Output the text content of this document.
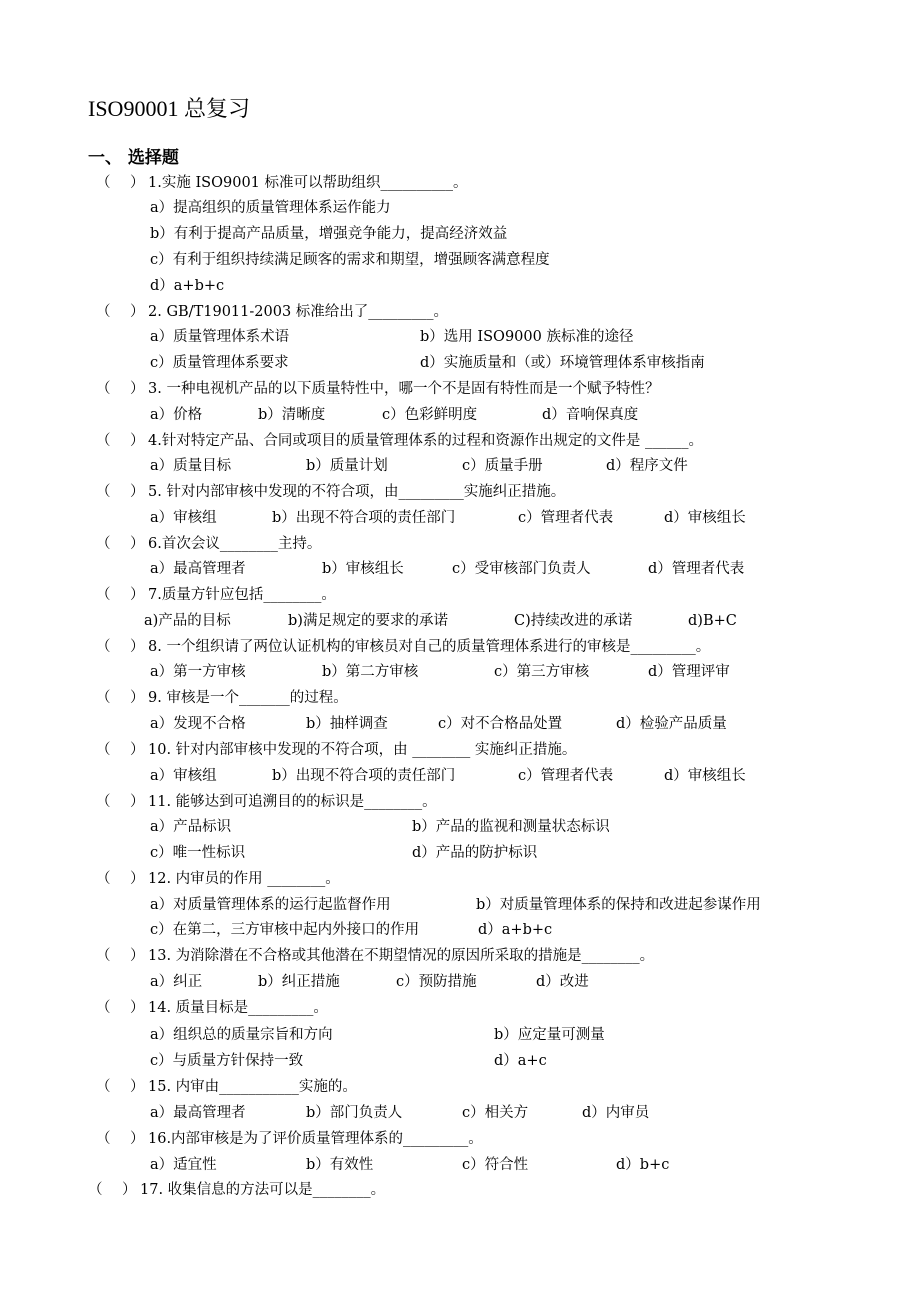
ISO90001 总复习
一、 选择题
（ ） 1.实施 ISO9001 标准可以帮助组织__________。
a）提高组织的质量管理体系运作能力
b）有利于提高产品质量，增强竞争能力，提高经济效益
c）有利于组织持续满足顾客的需求和期望，增强顾客满意程度
d）a+b+c
（ ） 2. GB/T19011-2003 标准给出了_________。
a）质量管理体系术语	b）选用 ISO9000 族标准的途径
c）质量管理体系要求	d）实施质量和（或）环境管理体系审核指南
（ ） 3. 一种电视机产品的以下质量特性中，哪一个不是固有特性而是一个赋予特性？
a）价格	b）清晰度	c）色彩鲜明度	d）音响保真度
（ ） 4.针对特定产品、合同或项目的质量管理体系的过程和资源作出规定的文件是 ______。
a）质量目标	b）质量计划	c）质量手册	d）程序文件
（ ） 5. 针对内部审核中发现的不符合项，由_________实施纠正措施。
a）审核组	b）出现不符合项的责任部门	c）管理者代表	d）审核组长
（ ） 6.首次会议________主持。
a）最高管理者	b）审核组长	c）受审核部门负责人	d）管理者代表
（ ） 7.质量方针应包括________。
a)产品的目标	b)满足规定的要求的承诺	C)持续改进的承诺	d)B+C
（ ） 8. 一个组织请了两位认证机构的审核员对自己的质量管理体系进行的审核是_________。
a）第一方审核	b）第二方审核	c）第三方审核	d）管理评审
（ ） 9. 审核是一个_______的过程。
a）发现不合格	b）抽样调查	c）对不合格品处置	d）检验产品质量
（ ） 10. 针对内部审核中发现的不符合项，由 ________ 实施纠正措施。
a）审核组	b）出现不符合项的责任部门	c）管理者代表	d）审核组长
（ ） 11. 能够达到可追溯目的的标识是________。
a）产品标识	b）产品的监视和测量状态标识
c）唯一性标识	d）产品的防护标识
（ ） 12. 内审员的作用 ________。
a）对质量管理体系的运行起监督作用	b）对质量管理体系的保持和改进起参谋作用
c）在第二，三方审核中起内外接口的作用	d）a+b+c
（ ） 13. 为消除潜在不合格或其他潜在不期望情况的原因所采取的措施是________。
a）纠正	b）纠正措施	c）预防措施	d）改进
（ ） 14. 质量目标是_________。
a）组织总的质量宗旨和方向	b）应定量可测量
c）与质量方针保持一致	d）a+c
（ ） 15. 内审由___________实施的。
a）最高管理者	b）部门负责人	c）相关方	d）内审员
（ ） 16.内部审核是为了评价质量管理体系的_________。
a）适宜性	b）有效性	c）符合性	d）b+c
（ ） 17. 收集信息的方法可以是________。
